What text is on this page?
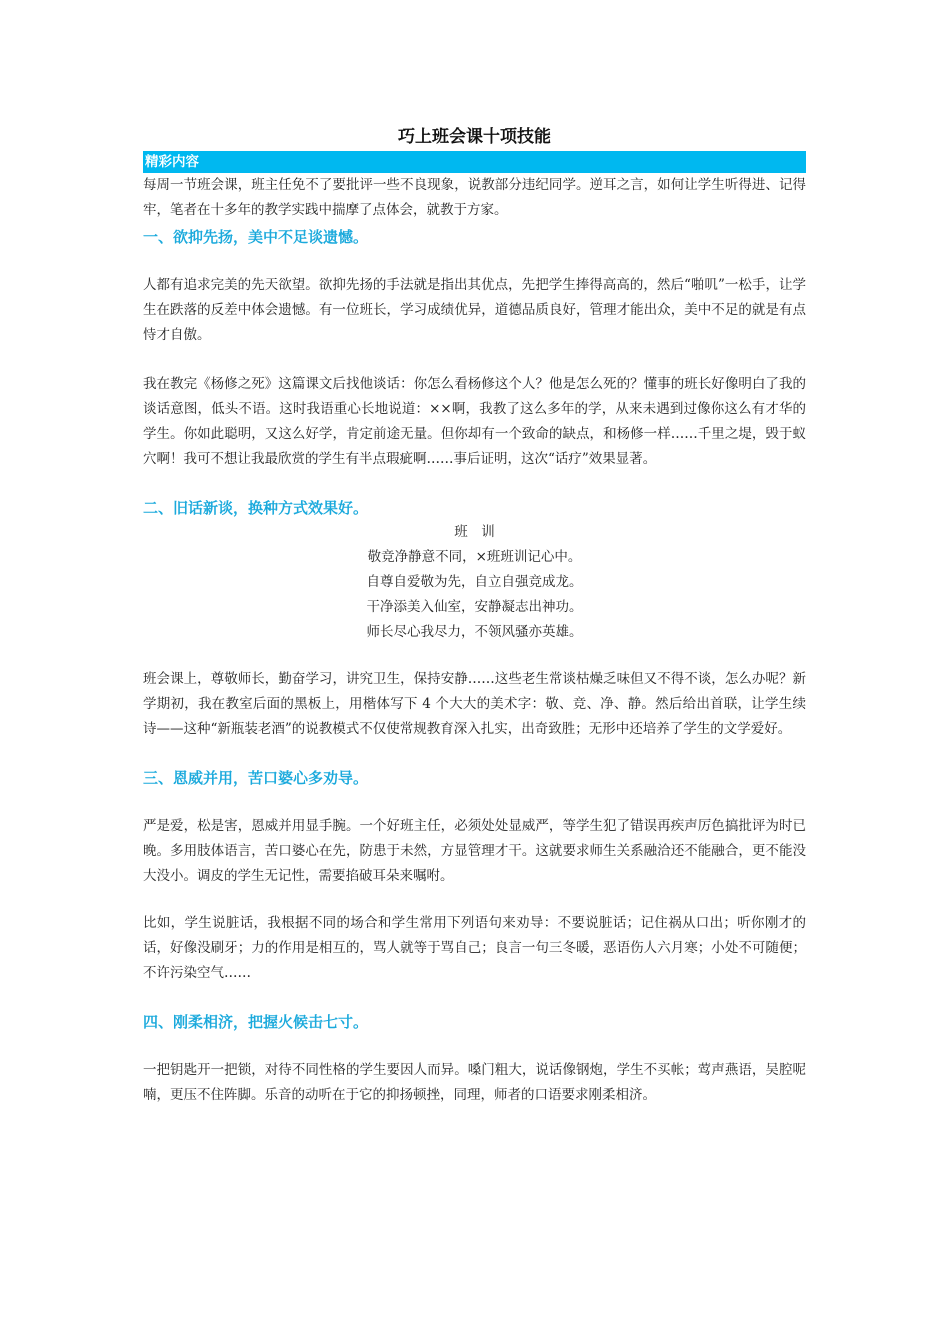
巧上班会课十项技能
精彩内容

每周一节班会课，班主任免不了要批评一些不良现象，说教部分违纪同学。逆耳之言，如何让学生听得进、记得牢，笔者在十多年的教学实践中揣摩了点体会，就教于方家。

一、欲抑先扬，美中不足谈遗憾。

人都有追求完美的先天欲望。欲抑先扬的手法就是指出其优点，先把学生捧得高高的，然后“啪叽”一松手，让学生在跌落的反差中体会遗憾。有一位班长，学习成绩优异，道德品质良好，管理才能出众，美中不足的就是有点恃才自傲。

我在教完《杨修之死》这篇课文后找他谈话：你怎么看杨修这个人？他是怎么死的？懂事的班长好像明白了我的谈话意图，低头不语。这时我语重心长地说道：××啊，我教了这么多年的学，从来未遇到过像你这么有才华的学生。你如此聪明，又这么好学，肯定前途无量。但你却有一个致命的缺点，和杨修一样……千里之堤，毁于蚁穴啊！我可不想让我最欣赏的学生有半点瑕疵啊……事后证明，这次“话疗”效果显著。

二、旧话新谈，换种方式效果好。
班训
敬竞净静意不同，×班班训记心中。
自尊自爱敬为先，自立自强竞成龙。
干净添美入仙室，安静凝志出神功。
师长尽心我尽力，不领风骚亦英雄。

班会课上，尊敬师长，勤奋学习，讲究卫生，保持安静……这些老生常谈枯燥乏味但又不得不谈，怎么办呢？新学期初，我在教室后面的黑板上，用楷体写下 4 个大大的美术字：敬、竞、净、静。然后给出首联，让学生续诗——这种“新瓶装老酒”的说教模式不仅使常规教育深入扎实，出奇致胜；无形中还培养了学生的文学爱好。

三、恩威并用，苦口婆心多劝导。

严是爱，松是害，恩威并用显手腕。一个好班主任，必须处处显威严，等学生犯了错误再疾声厉色搞批评为时已晚。多用肢体语言，苦口婆心在先，防患于未然，方显管理才干。这就要求师生关系融洽还不能融合，更不能没大没小。调皮的学生无记性，需要掐破耳朵来嘱咐。

比如，学生说脏话，我根据不同的场合和学生常用下列语句来劝导：不要说脏话；记住祸从口出；听你刚才的话，好像没刷牙；力的作用是相互的，骂人就等于骂自己；良言一句三冬暖，恶语伤人六月寒；小处不可随便；不许污染空气……

四、刚柔相济，把握火候击七寸。

一把钥匙开一把锁，对待不同性格的学生要因人而异。嗓门粗大，说话像钢炮，学生不买帐；莺声燕语，吴腔呢喃，更压不住阵脚。乐音的动听在于它的抑扬顿挫，同理，师者的口语要求刚柔相济。
